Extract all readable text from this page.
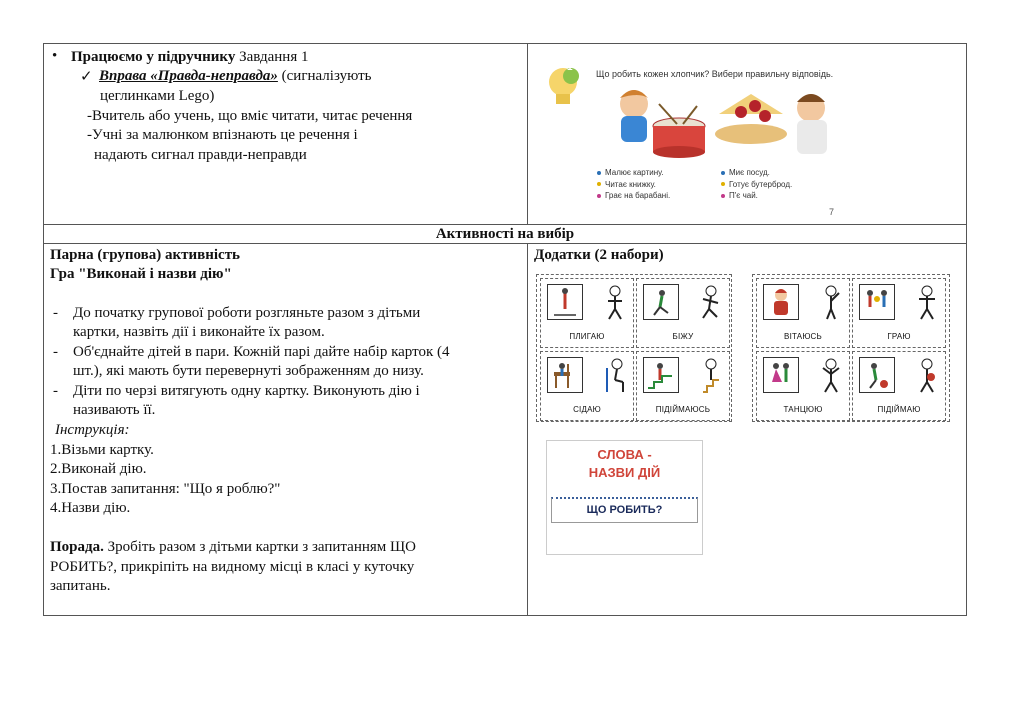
• Працюємо у підручнику Завдання 1
✓ Вправа «Правда-неправда» (сигналізують
цеглинками Lego)
-Вчитель або учень, що вміє читати, читає речення
-Учні за малюнком впізнають це речення і
надають сигнал правди-неправди
1
Що робить кожен хлопчик? Вибери правильну відповідь.
Малює картину.
Читає книжку.
Грає на барабані.
Миє посуд.
Готує бутерброд.
П'є чай.
7
Активності на вибір
Парна (групова) активність
Гра "Виконай і назви дію"
- До початку групової роботи розгляньте разом з дітьми
картки, назвіть дії і виконайте їх разом.
- Об'єднайте дітей в пари. Кожній парі дайте набір карток (4
шт.), які мають бути перевернуті зображенням до низу.
- Діти по черзі витягують одну картку. Виконують дію і
називають її.
Інструкція:
1.Візьми картку.
2.Виконай дію.
3.Постав запитання: "Що я роблю?"
4.Назви дію.
Порада. Зробіть разом з дітьми картки з запитанням ЩО
РОБИТЬ?, прикріпіть на видному місці в класі у куточку
запитань.
Додатки (2 набори)
ПЛИГАЮ	БІЖУ
СІДАЮ	ПІДІЙМАЮСЬ
ВІТАЮСЬ	ГРАЮ
ТАНЦЮЮ	ПІДІЙМАЮ
СЛОВА -
НАЗВИ ДІЙ
ЩО РОБИТЬ?
